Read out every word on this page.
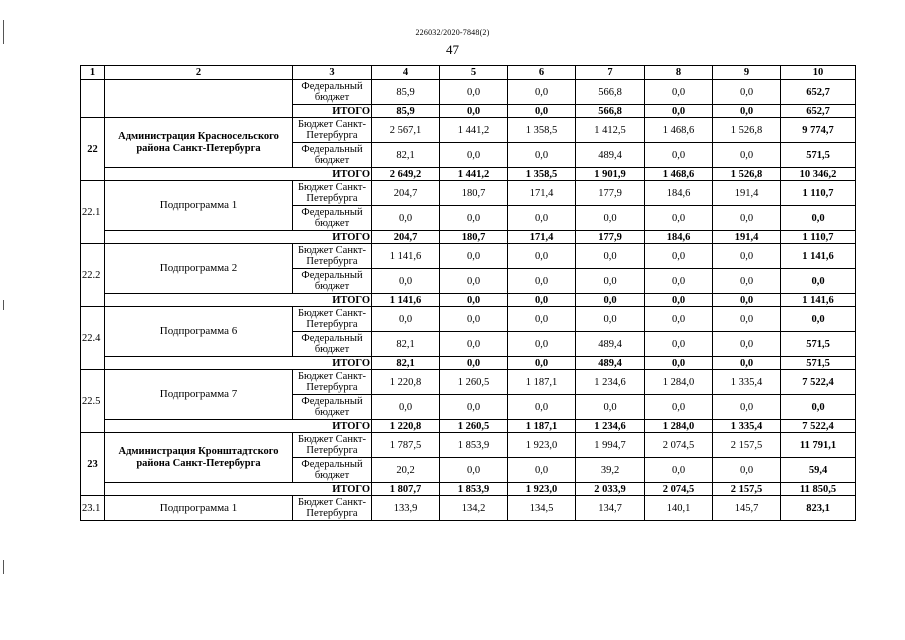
226032/2020-7848(2)
47
1	2	3	4	5	6	7	8	9	10
		Федеральный бюджет	85,9	0,0	0,0	566,8	0,0	0,0	652,7
		ИТОГО	85,9	0,0	0,0	566,8	0,0	0,0	652,7
22	Администрация Красносельского района Санкт-Петербурга	Бюджет Санкт-Петербурга	2 567,1	1 441,2	1 358,5	1 412,5	1 468,6	1 526,8	9 774,7
		Федеральный бюджет	82,1	0,0	0,0	489,4	0,0	0,0	571,5
	ИТОГО		2 649,2	1 441,2	1 358,5	1 901,9	1 468,6	1 526,8	10 346,2
22.1	Подпрограмма 1	Бюджет Санкт-Петербурга	204,7	180,7	171,4	177,9	184,6	191,4	1 110,7
		Федеральный бюджет	0,0	0,0	0,0	0,0	0,0	0,0	0,0
	ИТОГО		204,7	180,7	171,4	177,9	184,6	191,4	1 110,7
22.2	Подпрограмма 2	Бюджет Санкт-Петербурга	1 141,6	0,0	0,0	0,0	0,0	0,0	1 141,6
		Федеральный бюджет	0,0	0,0	0,0	0,0	0,0	0,0	0,0
	ИТОГО		1 141,6	0,0	0,0	0,0	0,0	0,0	1 141,6
22.4	Подпрограмма 6	Бюджет Санкт-Петербурга	0,0	0,0	0,0	0,0	0,0	0,0	0,0
		Федеральный бюджет	82,1	0,0	0,0	489,4	0,0	0,0	571,5
	ИТОГО		82,1	0,0	0,0	489,4	0,0	0,0	571,5
22.5	Подпрограмма 7	Бюджет Санкт-Петербурга	1 220,8	1 260,5	1 187,1	1 234,6	1 284,0	1 335,4	7 522,4
		Федеральный бюджет	0,0	0,0	0,0	0,0	0,0	0,0	0,0
	ИТОГО		1 220,8	1 260,5	1 187,1	1 234,6	1 284,0	1 335,4	7 522,4
23	Администрация Кронштадтского района Санкт-Петербурга	Бюджет Санкт-Петербурга	1 787,5	1 853,9	1 923,0	1 994,7	2 074,5	2 157,5	11 791,1
		Федеральный бюджет	20,2	0,0	0,0	39,2	0,0	0,0	59,4
	ИТОГО		1 807,7	1 853,9	1 923,0	2 033,9	2 074,5	2 157,5	11 850,5
23.1	Подпрограмма 1	Бюджет Санкт-Петербурга	133,9	134,2	134,5	134,7	140,1	145,7	823,1
